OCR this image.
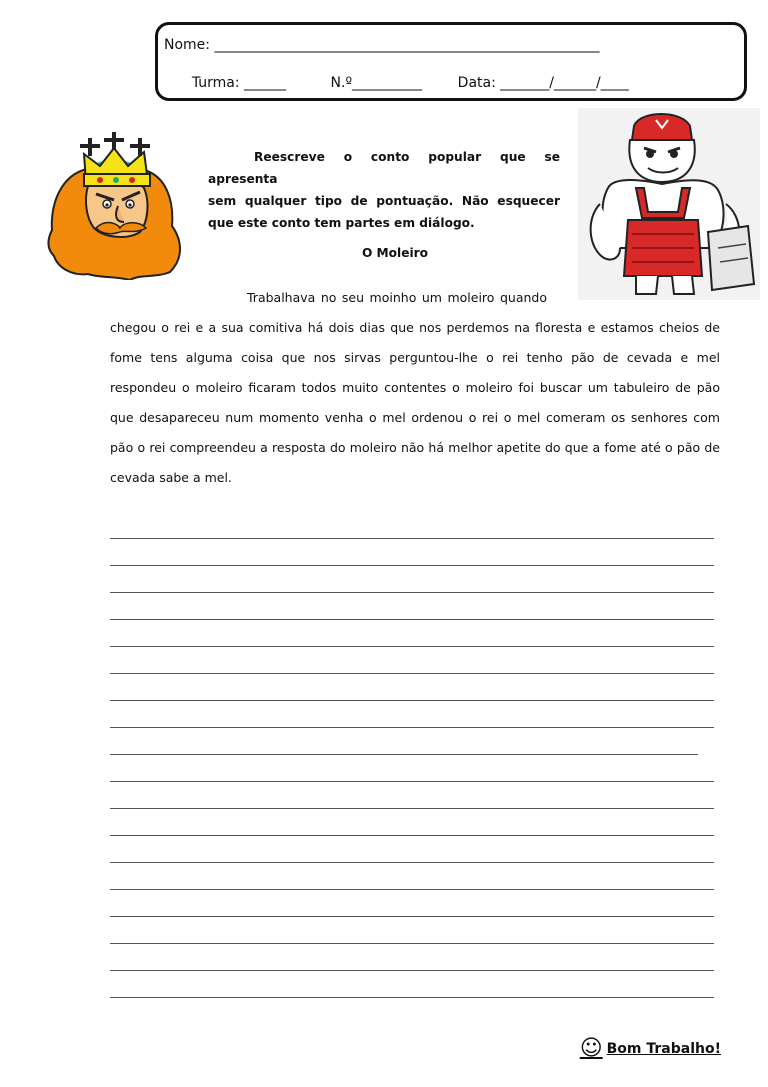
Nome: _______________________________________________________

Turma: ______	N.º__________	Data: _______/______/____

Reescreve o conto popular que se apresenta
sem qualquer tipo de pontuação. Não esquecer que este conto tem partes em diálogo.
O Moleiro
Trabalhava no seu moinho um moleiro quando
chegou o rei e a sua comitiva há dois dias que nos perdemos na floresta e estamos cheios de fome tens alguma coisa que nos sirvas perguntou-lhe o rei tenho pão de cevada e mel respondeu o moleiro ficaram todos muito contentes o moleiro foi buscar um tabuleiro de pão que desapareceu num momento venha o mel ordenou o rei o mel comeram os senhores com pão o rei compreendeu a resposta do moleiro não há melhor apetite do que a fome até o pão de cevada sabe a mel.
☺ Bom Trabalho!
